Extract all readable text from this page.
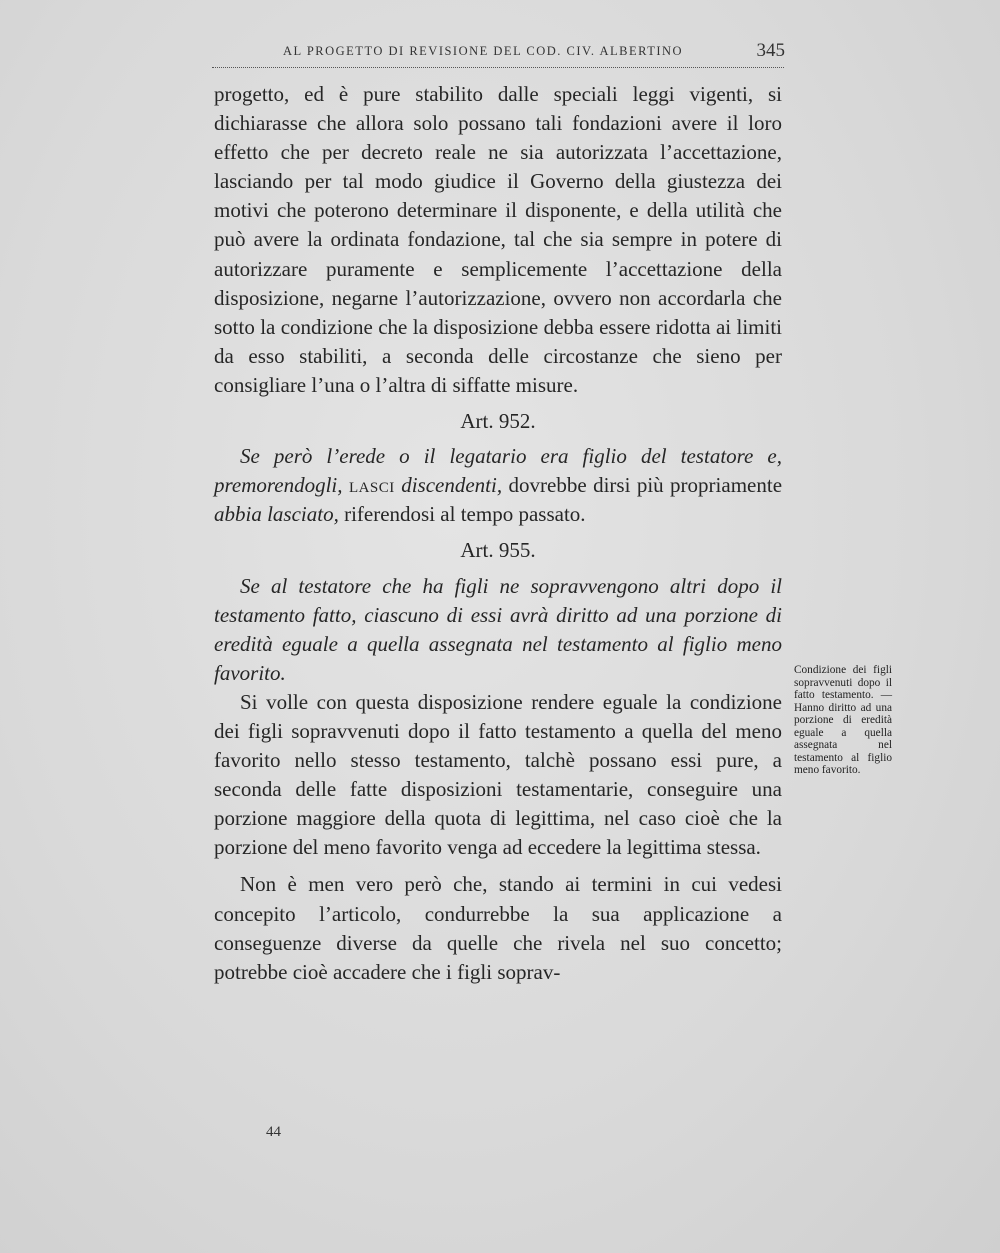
AL PROGETTO DI REVISIONE DEL COD. CIV. ALBERTINO	345

progetto, ed è pure stabilito dalle speciali leggi vigenti, si dichiarasse che allora solo possano tali fondazioni avere il loro effetto che per decreto reale ne sia autorizzata l’accettazione, lasciando per tal modo giudice il Governo della giustezza dei motivi che poterono determinare il disponente, e della utilità che può avere la ordinata fondazione, tal che sia sempre in potere di autorizzare puramente e semplicemente l’accettazione della disposizione, negarne l’autorizzazione, ovvero non accordarla che sotto la condizione che la disposizione debba essere ridotta ai limiti da esso stabiliti, a seconda delle circostanze che sieno per consigliare l’una o l’altra di siffatte misure.

Art. 952.

Se però l’erede o il legatario era figlio del testatore e, premorendogli, lasci discendenti, dovrebbe dirsi più propriamente abbia lasciato, riferendosi al tempo passato.

Art. 955.

Se al testatore che ha figli ne sopravvengono altri dopo il testamento fatto, ciascuno di essi avrà diritto ad una porzione di eredità eguale a quella assegnata nel testamento al figlio meno favorito.

Si volle con questa disposizione rendere eguale la condizione dei figli sopravvenuti dopo il fatto testamento a quella del meno favorito nello stesso testamento, talchè possano essi pure, a seconda delle fatte disposizioni testamentarie, conseguire una porzione maggiore della quota di legittima, nel caso cioè che la porzione del meno favorito venga ad eccedere la legittima stessa.

Non è men vero però che, stando ai termini in cui vedesi concepito l’articolo, condurrebbe la sua applicazione a conseguenze diverse da quelle che rivela nel suo concetto; potrebbe cioè accadere che i figli soprav-

Condizione dei figli sopravvenuti dopo il fatto testamento. — Hanno diritto ad una porzione di eredità eguale a quella assegnata nel testamento al figlio meno favorito.
44
